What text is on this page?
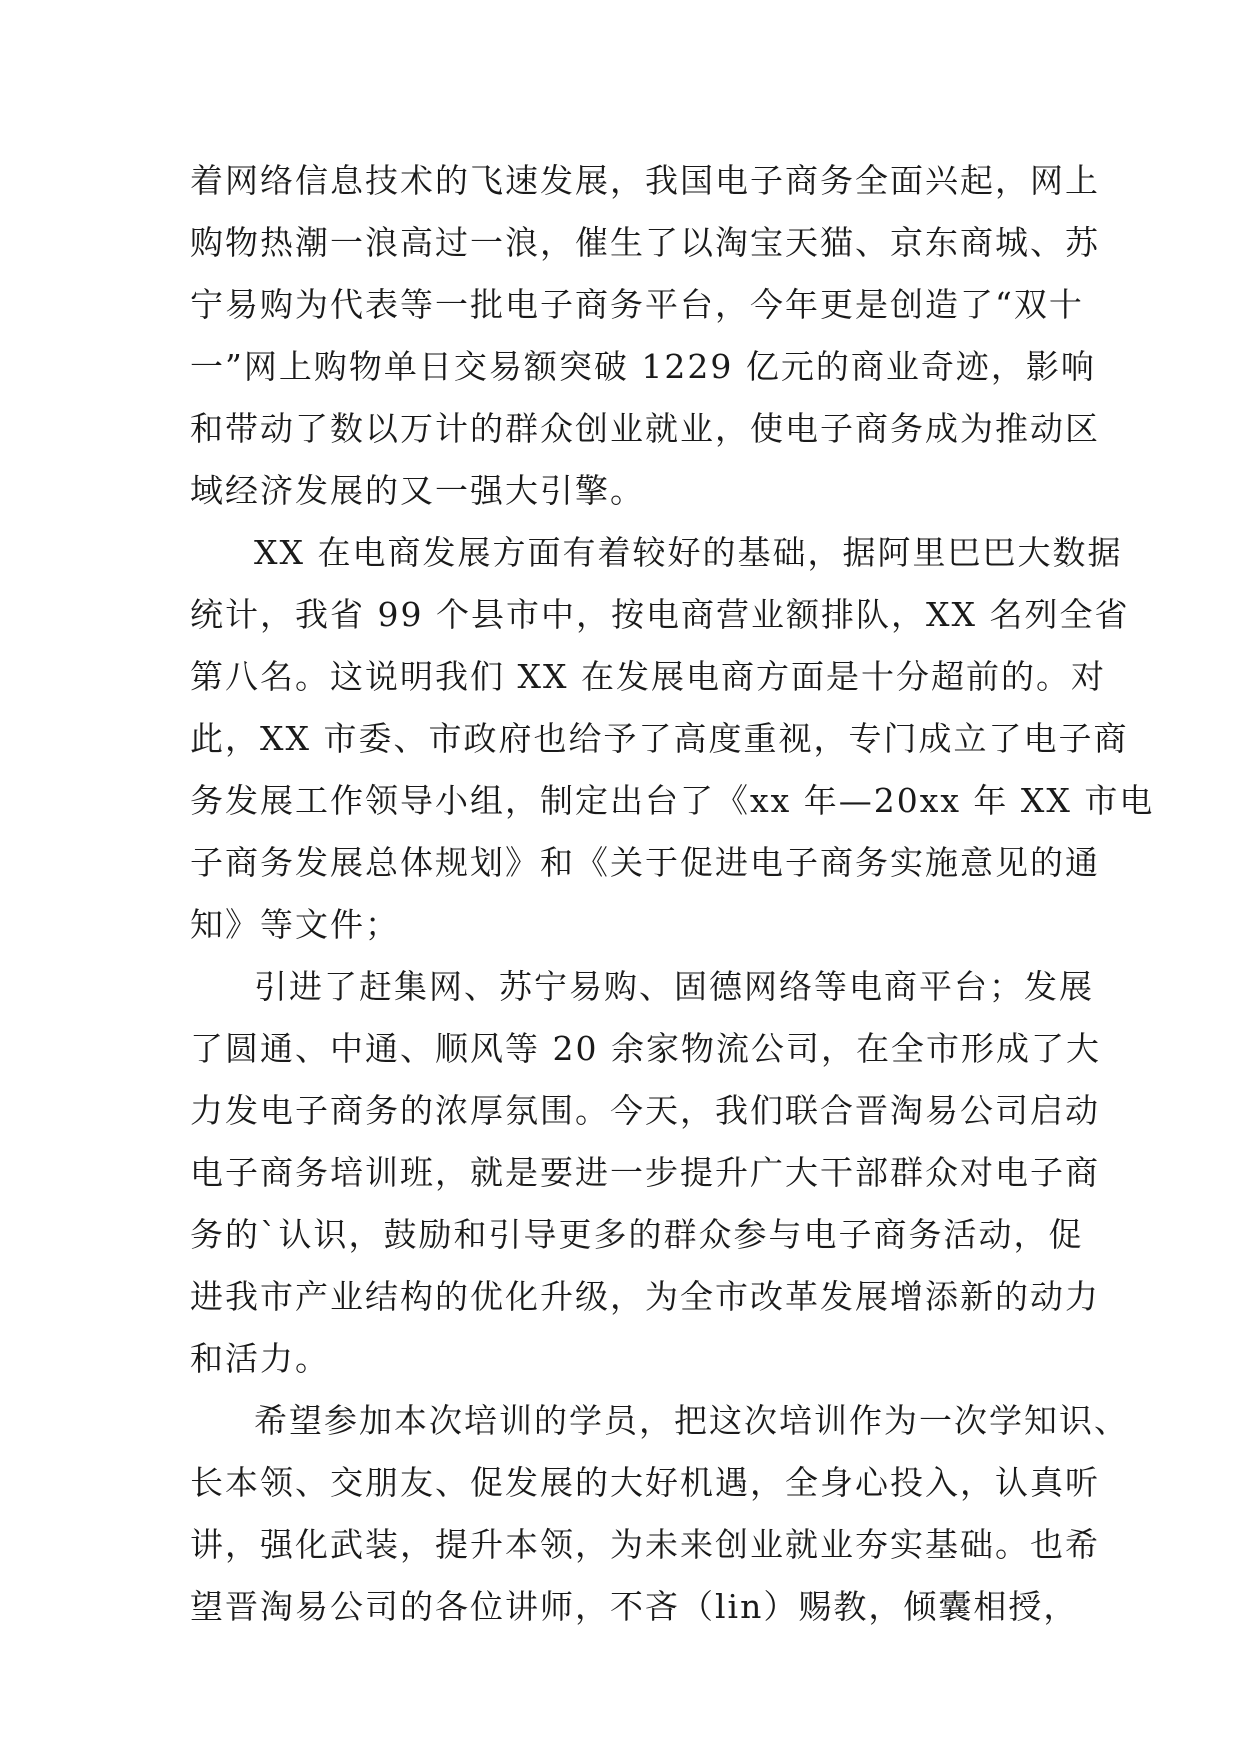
着网络信息技术的飞速发展，我国电子商务全面兴起，网上
购物热潮一浪高过一浪，催生了以淘宝天猫、京东商城、苏
宁易购为代表等一批电子商务平台，今年更是创造了“双十
一”网上购物单日交易额突破 1229 亿元的商业奇迹，影响
和带动了数以万计的群众创业就业，使电子商务成为推动区
域经济发展的又一强大引擎。
XX 在电商发展方面有着较好的基础，据阿里巴巴大数据
统计，我省 99 个县市中，按电商营业额排队，XX 名列全省
第八名。这说明我们 XX 在发展电商方面是十分超前的。对
此，XX 市委、市政府也给予了高度重视，专门成立了电子商
务发展工作领导小组，制定出台了《xx 年—20xx 年 XX 市电
子商务发展总体规划》和《关于促进电子商务实施意见的通
知》等文件；
引进了赶集网、苏宁易购、固德网络等电商平台；发展
了圆通、中通、顺风等 20 余家物流公司，在全市形成了大
力发电子商务的浓厚氛围。今天，我们联合晋淘易公司启动
电子商务培训班，就是要进一步提升广大干部群众对电子商
务的`认识，鼓励和引导更多的群众参与电子商务活动，促
进我市产业结构的优化升级，为全市改革发展增添新的动力
和活力。
希望参加本次培训的学员，把这次培训作为一次学知识、
长本领、交朋友、促发展的大好机遇，全身心投入，认真听
讲，强化武装，提升本领，为未来创业就业夯实基础。也希
望晋淘易公司的各位讲师，不吝（lin）赐教，倾囊相授，
